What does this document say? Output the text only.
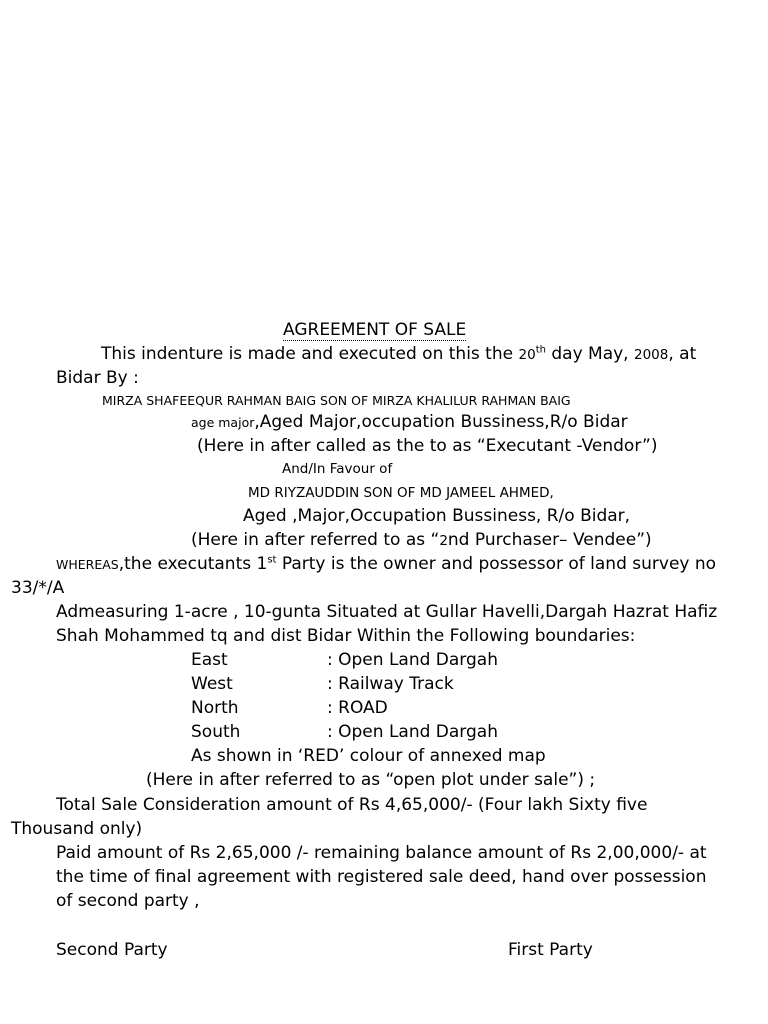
AGREEMENT OF SALE
This indenture is made and executed on this the 20th day May, 2008, at
Bidar By :
MIRZA SHAFEEQUR RAHMAN BAIG SON OF MIRZA KHALILUR RAHMAN BAIG
age major,Aged Major,occupation Bussiness,R/o Bidar
(Here in after called as the to as “Executant -Vendor”)
And/In Favour of
MD RIYZAUDDIN SON OF MD JAMEEL AHMED,
Aged ,Major,Occupation Bussiness, R/o Bidar,
(Here in after referred to as “2nd Purchaser– Vendee”)
WHEREAS,the executants 1st Party is the owner and possessor of land survey no
33/*/A
Admeasuring 1-acre , 10-gunta Situated at Gullar Havelli,Dargah Hazrat Hafiz
Shah Mohammed tq and dist Bidar Within the Following boundaries:
East	: Open Land Dargah
West	: Railway Track
North	: ROAD
South	: Open Land Dargah
As shown in ‘RED’ colour of annexed map
(Here in after referred to as “open plot under sale”) ;
Total Sale Consideration amount of Rs 4,65,000/- (Four lakh Sixty five
Thousand only)
Paid amount of Rs 2,65,000 /- remaining balance amount of Rs 2,00,000/- at
the time of final agreement with registered sale deed, hand over possession
of second party ,
Second Party	First Party
